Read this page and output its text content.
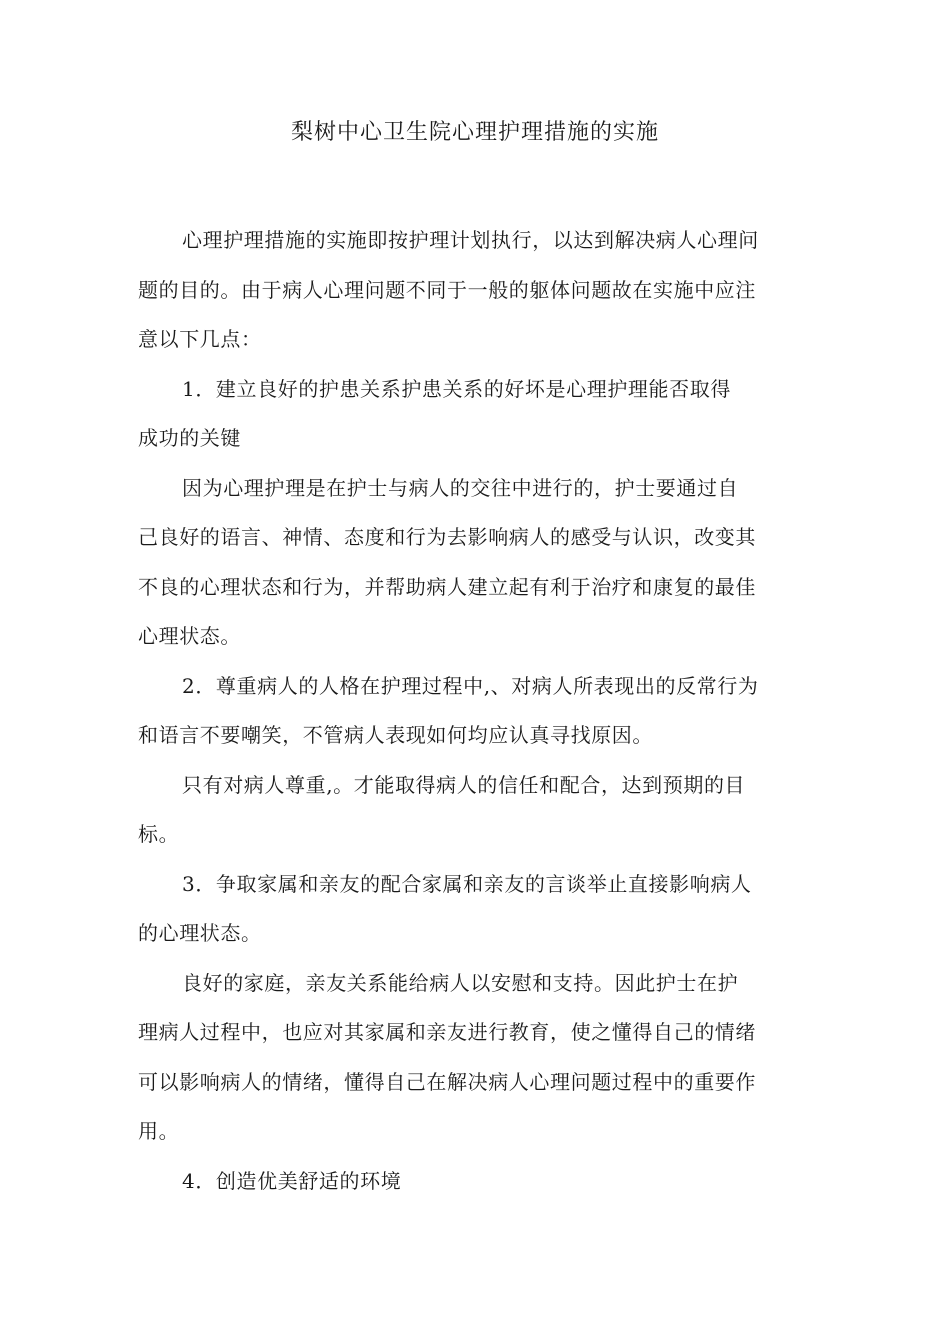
梨树中心卫生院心理护理措施的实施

心理护理措施的实施即按护理计划执行，以达到解决病人心理问
题的目的。由于病人心理问题不同于一般的躯体问题故在实施中应注
意以下几点：

1．建立良好的护患关系护患关系的好坏是心理护理能否取得
成功的关键

因为心理护理是在护士与病人的交往中进行的，护士要通过自
己良好的语言、神情、态度和行为去影响病人的感受与认识，改变其
不良的心理状态和行为，并帮助病人建立起有利于治疗和康复的最佳
心理状态。

2．尊重病人的人格在护理过程中,、对病人所表现出的反常行为
和语言不要嘲笑，不管病人表现如何均应认真寻找原因。

只有对病人尊重,。才能取得病人的信任和配合，达到预期的目
标。

3．争取家属和亲友的配合家属和亲友的言谈举止直接影响病人
的心理状态。

良好的家庭，亲友关系能给病人以安慰和支持。因此护士在护
理病人过程中，也应对其家属和亲友进行教育，使之懂得自己的情绪
可以影响病人的情绪，懂得自己在解决病人心理问题过程中的重要作
用。

4．创造优美舒适的环境
